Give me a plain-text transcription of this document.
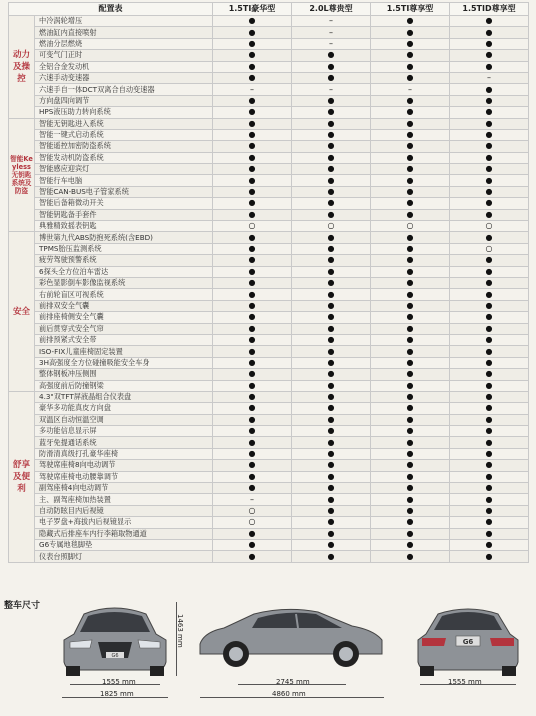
配置表		1.5TI豪华型	2.0L尊贵型	1.5TI尊享型	1.5TID尊享型
动力及操控	中冷涡轮增压	●	–	●	●
	燃油缸内直接喷射	●	–	●	●
	燃油分层燃烧	●	–	●	●
	可变气门正时	●	●	●	●
	全铝合金发动机	●	●	●	●
	六速手动变速器	●	●	●	–
	六速手自一体DCT双离合自动变速器	–	–	–	●
	方向盘四向调节	●	●	●	●
	HPS液压助力转向系统	●	●	●	●
智能Keyless无钥匙系统及防盗	智能无钥匙进入系统	●	●	●	●
	智能一键式启动系统	●	●	●	●
	智能遥控加密防盗系统	●	●	●	●
	智能发动机防盗系统	●	●	●	●
	智能感应迎宾灯	●	●	●	●
	智能行车电脑	●	●	●	●
	智能CAN-BUS电子管家系统	●	●	●	●
	智能后备箱微动开关	●	●	●	●
	智能钥匙备手套件	●	●	●	●
	典雅精致摇表钥匙	○	○	○	○
安全	博世第九代ABS防抱死系统(含EBD)	●	●	●	●
	TPMS胎压监测系统	●	●	●	○
	疲劳驾驶预警系统	●	●	●	●
	6探头全方位泊车雷达	●	●	●	●
	彩色显影倒车影像监视系统	●	●	●	●
	右前轮盲区可视系统	●	●	●	●
	前排双安全气囊	●	●	●	●
	前排座椅侧安全气囊	●	●	●	●
	前后贯穿式安全气帘	●	●	●	●
	前排预紧式安全带	●	●	●	●
	ISO-FIX儿童座椅固定装置	●	●	●	●
	3H高强度全方位碰撞吸能安全车身	●	●	●	●
	整体钢板冲压侧围	●	●	●	●
	高强度前后防撞钢梁	●	●	●	●
舒享及便利	4.3"双TFT屏液晶组合仪表盘	●	●	●	●
	豪华多功能真皮方向盘	●	●	●	●
	双温区自动恒温空调	●	●	●	●
	多功能信息显示屏	●	●	●	●
	蓝牙免提通话系统	●	●	●	●
	防滑清真级打孔豪华座椅	●	●	●	●
	驾驶席座椅8向电动调节	●	●	●	●
	驾驶席座椅电动腰靠调节	●	●	●	●
	副驾座椅4向电动调节	●	●	●	●
	主、副驾座椅加热装置	–	●	●	●
	自动防眩目内后视镜	○	●	●	●
	电子罗盘+海拔内后视镜显示	○	●	●	●
	隐藏式后排座车内行李箱取物通道	●	●	●	●
	G6专属地毯脚垫	●	●	●	●
	仪表台照脚灯	●	●	●	●
整车尺寸
G6
1555 mm
1825 mm
1463 mm
2745 mm
4860 mm
G6
1555 mm
